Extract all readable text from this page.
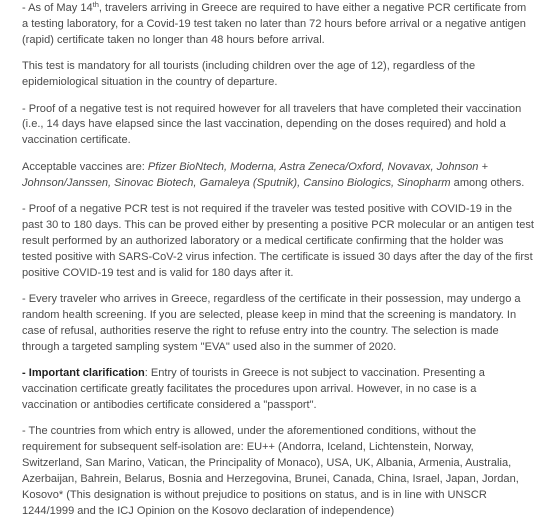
- As of May 14th, travelers arriving in Greece are required to have either a negative PCR certificate from a testing laboratory, for a Covid-19 test taken no later than 72 hours before arrival or a negative antigen (rapid) certificate taken no longer than 48 hours before arrival.

This test is mandatory for all tourists (including children over the age of 12), regardless of the epidemiological situation in the country of departure.

- Proof of a negative test is not required however for all travelers that have completed their vaccination (i.e., 14 days have elapsed since the last vaccination, depending on the doses required) and hold a vaccination certificate.

Acceptable vaccines are: Pfizer BioNtech, Moderna, Astra Zeneca/Oxford, Novavax, Johnson + Johnson/Janssen, Sinovac Biotech, Gamaleya (Sputnik), Cansino Biologics, Sinopharm among others.

- Proof of a negative PCR test is not required if the traveler was tested positive with COVID-19 in the past 30 to 180 days. This can be proved either by presenting a positive PCR molecular or an antigen test result performed by an authorized laboratory or a medical certificate confirming that the holder was tested positive with SARS-CoV-2 virus infection. The certificate is issued 30 days after the day of the first positive COVID-19 test and is valid for 180 days after it.

- Every traveler who arrives in Greece, regardless of the certificate in their possession, may undergo a random health screening. If you are selected, please keep in mind that the screening is mandatory. In case of refusal, authorities reserve the right to refuse entry into the country. The selection is made through a targeted sampling system "EVA" used also in the summer of 2020.

- Important clarification: Entry of tourists in Greece is not subject to vaccination. Presenting a vaccination certificate greatly facilitates the procedures upon arrival. However, in no case is a vaccination or antibodies certificate considered a "passport".

- The countries from which entry is allowed, under the aforementioned conditions, without the requirement for subsequent self-isolation are: EU++ (Andorra, Iceland, Lichtenstein, Norway, Switzerland, San Marino, Vatican, the Principality of Monaco), USA, UK, Albania, Armenia, Australia, Azerbaijan, Bahrein, Belarus, Bosnia and Herzegovina, Brunei, Canada, China, Israel, Japan, Jordan, Kosovo* (This designation is without prejudice to positions on status, and is in line with UNSCR 1244/1999 and the ICJ Opinion on the Kosovo declaration of independence)
